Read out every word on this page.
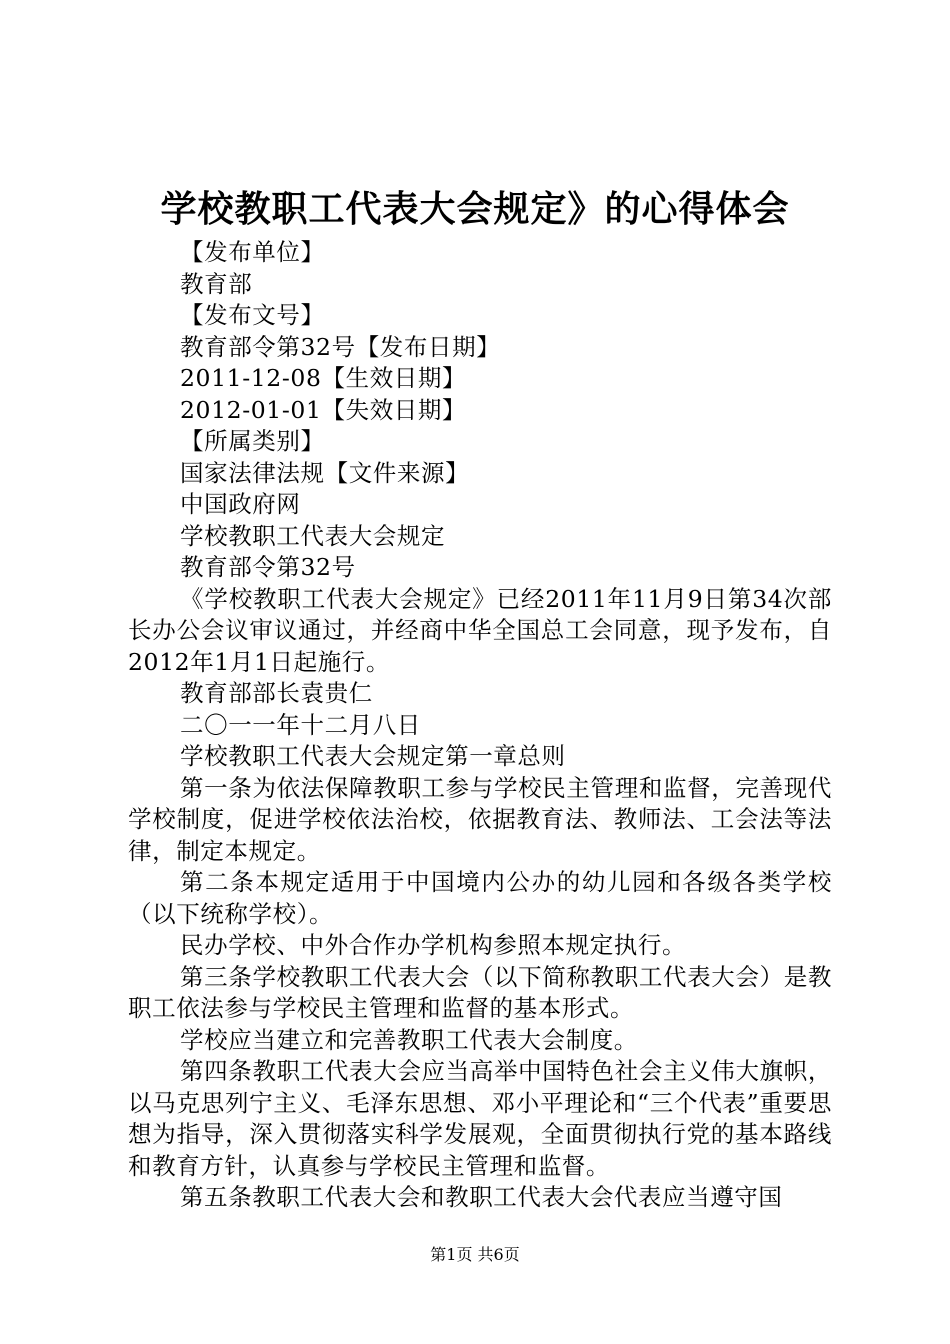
学校教职工代表大会规定》的心得体会

【发布单位】

教育部

【发布文号】

教育部令第32号【发布日期】

2011-12-08【生效日期】

2012-01-01【失效日期】

【所属类别】

国家法律法规【文件来源】

中国政府网

学校教职工代表大会规定

教育部令第32号

《学校教职工代表大会规定》已经2011年11月9日第34次部长办公会议审议通过，并经商中华全国总工会同意，现予发布，自2012年1月1日起施行。

教育部部长袁贵仁

二〇一一年十二月八日

学校教职工代表大会规定第一章总则

第一条为依法保障教职工参与学校民主管理和监督，完善现代学校制度，促进学校依法治校，依据教育法、教师法、工会法等法律，制定本规定。

第二条本规定适用于中国境内公办的幼儿园和各级各类学校（以下统称学校）。

民办学校、中外合作办学机构参照本规定执行。

第三条学校教职工代表大会（以下简称教职工代表大会）是教职工依法参与学校民主管理和监督的基本形式。

学校应当建立和完善教职工代表大会制度。

第四条教职工代表大会应当高举中国特色社会主义伟大旗帜，以马克思列宁主义、毛泽东思想、邓小平理论和“三个代表”重要思想为指导，深入贯彻落实科学发展观，全面贯彻执行党的基本路线和教育方针，认真参与学校民主管理和监督。

第五条教职工代表大会和教职工代表大会代表应当遵守国

第1页 共6页
